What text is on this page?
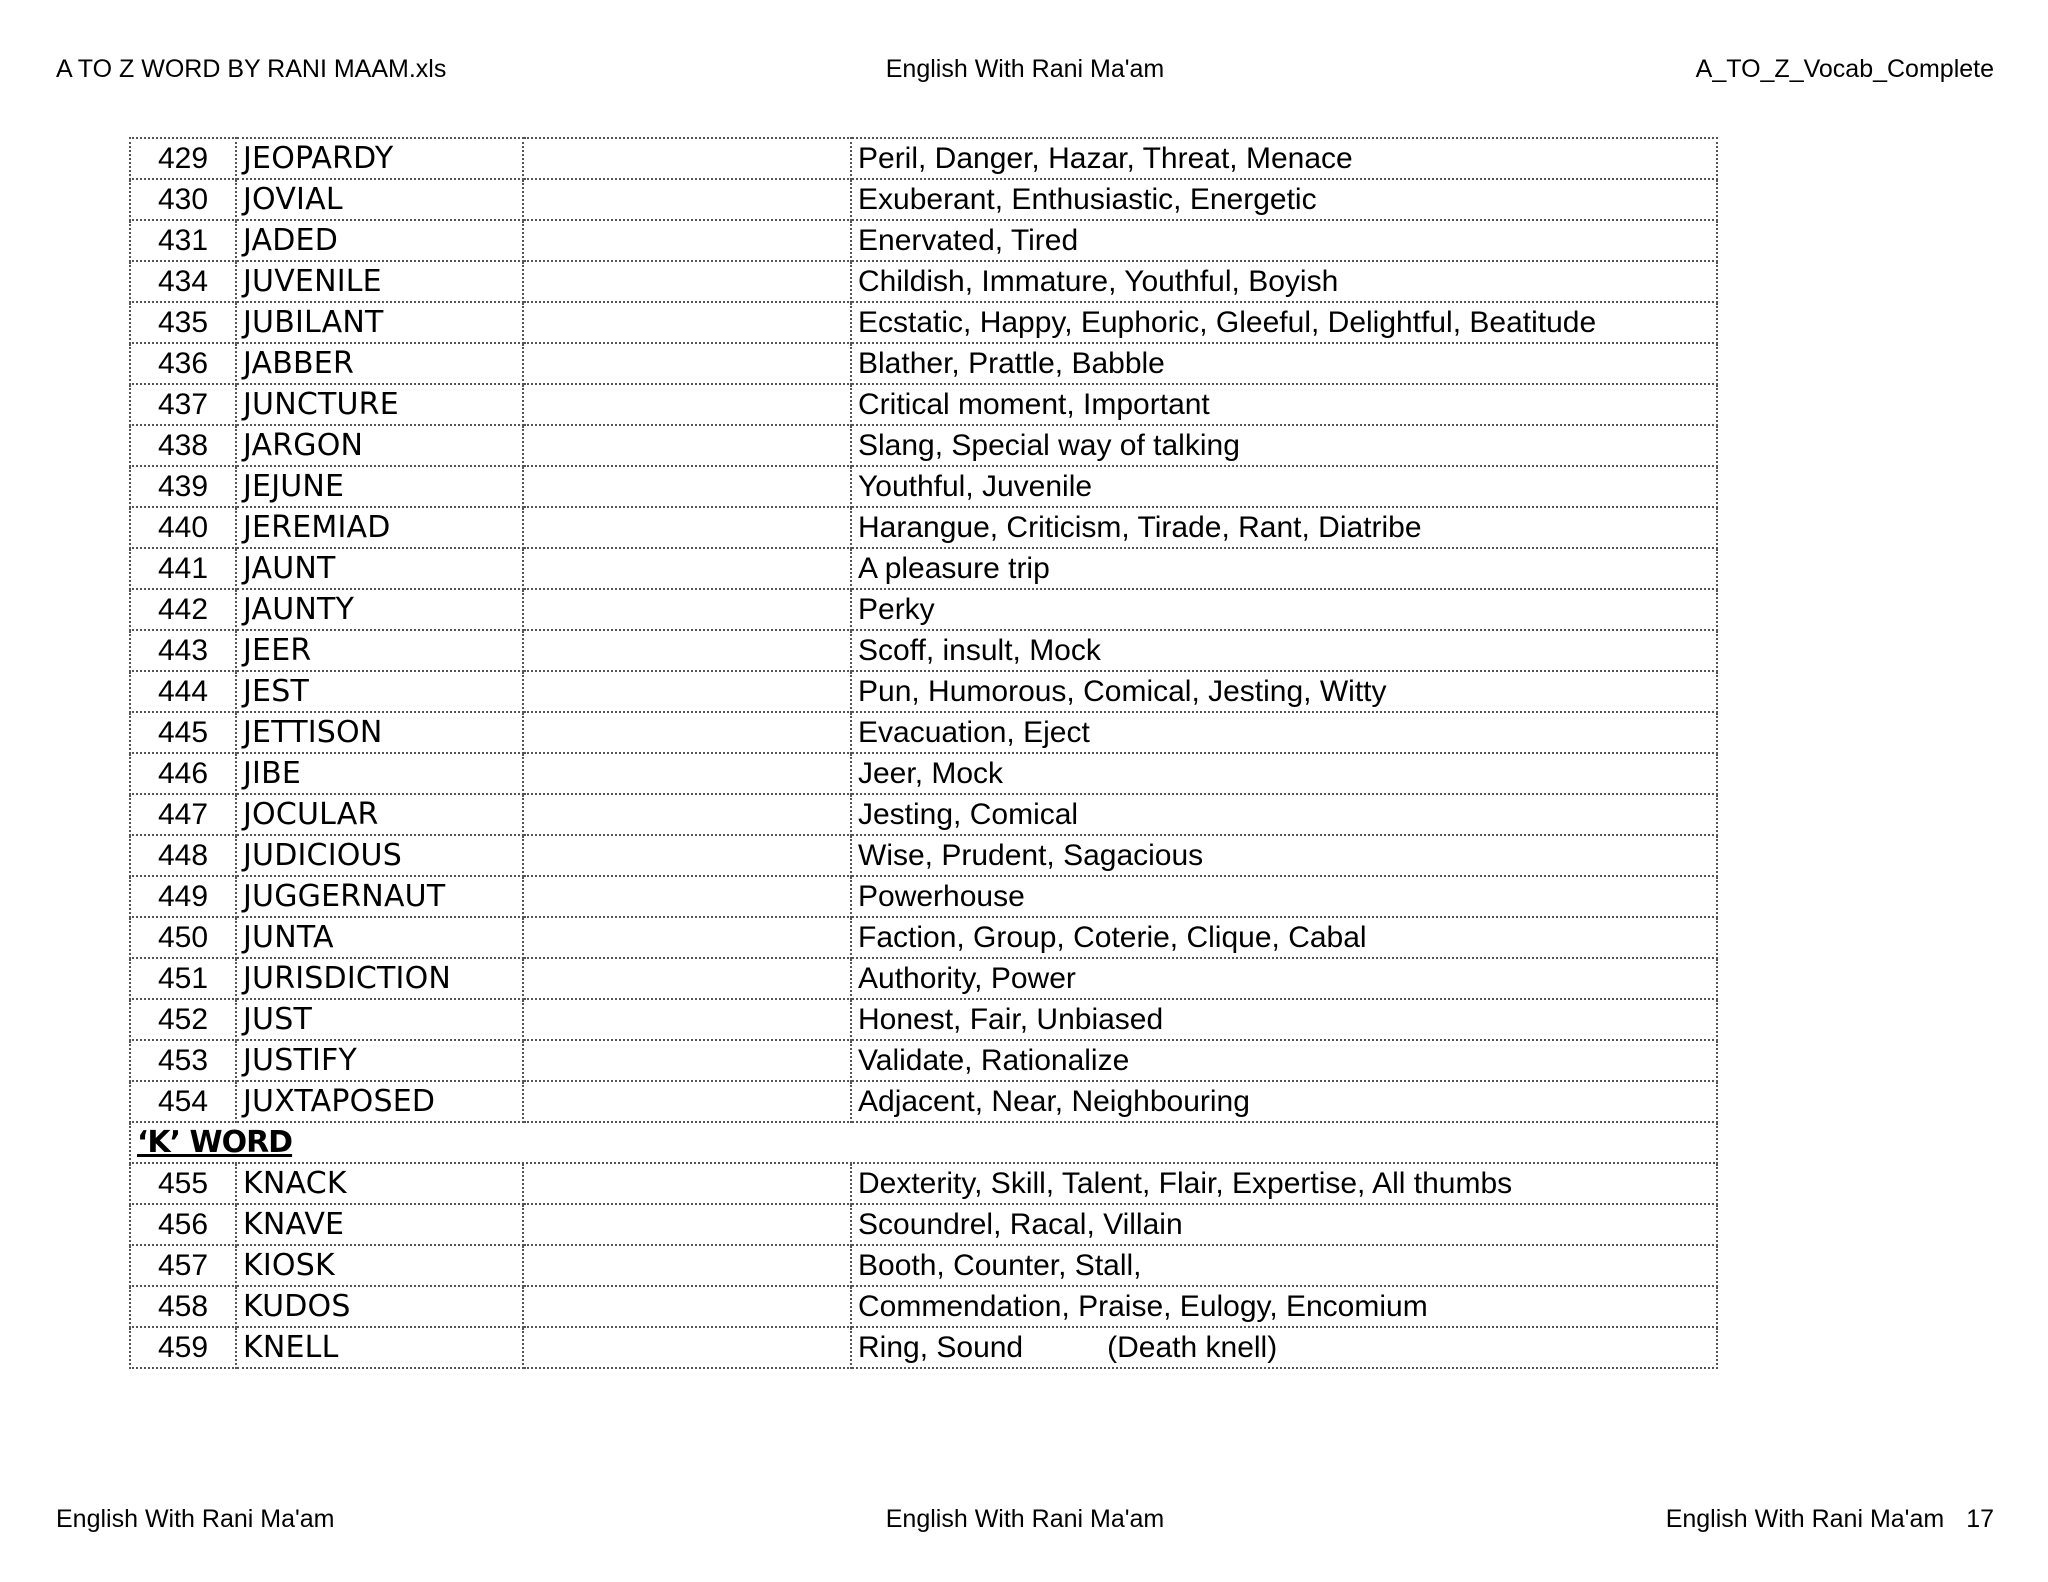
A TO Z WORD BY RANI MAAM.xls	English With Rani Ma'am	A_TO_Z_Vocab_Complete
429	JEOPARDY		Peril, Danger, Hazar, Threat, Menace
430	JOVIAL		Exuberant, Enthusiastic, Energetic
431	JADED		Enervated, Tired
434	JUVENILE		Childish, Immature, Youthful, Boyish
435	JUBILANT		Ecstatic, Happy, Euphoric, Gleeful, Delightful, Beatitude
436	JABBER		Blather, Prattle, Babble
437	JUNCTURE		Critical moment, Important
438	JARGON		Slang, Special way of talking
439	JEJUNE		Youthful, Juvenile
440	JEREMIAD		Harangue, Criticism, Tirade, Rant, Diatribe
441	JAUNT		A pleasure trip
442	JAUNTY		Perky
443	JEER		Scoff, insult, Mock
444	JEST		Pun, Humorous, Comical, Jesting, Witty
445	JETTISON		Evacuation, Eject
446	JIBE		Jeer, Mock
447	JOCULAR		Jesting, Comical
448	JUDICIOUS		Wise, Prudent, Sagacious
449	JUGGERNAUT		Powerhouse
450	JUNTA		Faction, Group, Coterie, Clique, Cabal
451	JURISDICTION		Authority, Power
452	JUST		Honest, Fair, Unbiased
453	JUSTIFY		Validate, Rationalize
454	JUXTAPOSED		Adjacent, Near, Neighbouring
‘K’ WORD			
455	KNACK		Dexterity, Skill, Talent, Flair, Expertise, All thumbs
456	KNAVE		Scoundrel, Racal, Villain
457	KIOSK		Booth, Counter, Stall,
458	KUDOS		Commendation, Praise, Eulogy, Encomium
459	KNELL		Ring, Sound (Death knell)
English With Rani Ma'am	English With Rani Ma'am	English With Rani Ma'am 17
